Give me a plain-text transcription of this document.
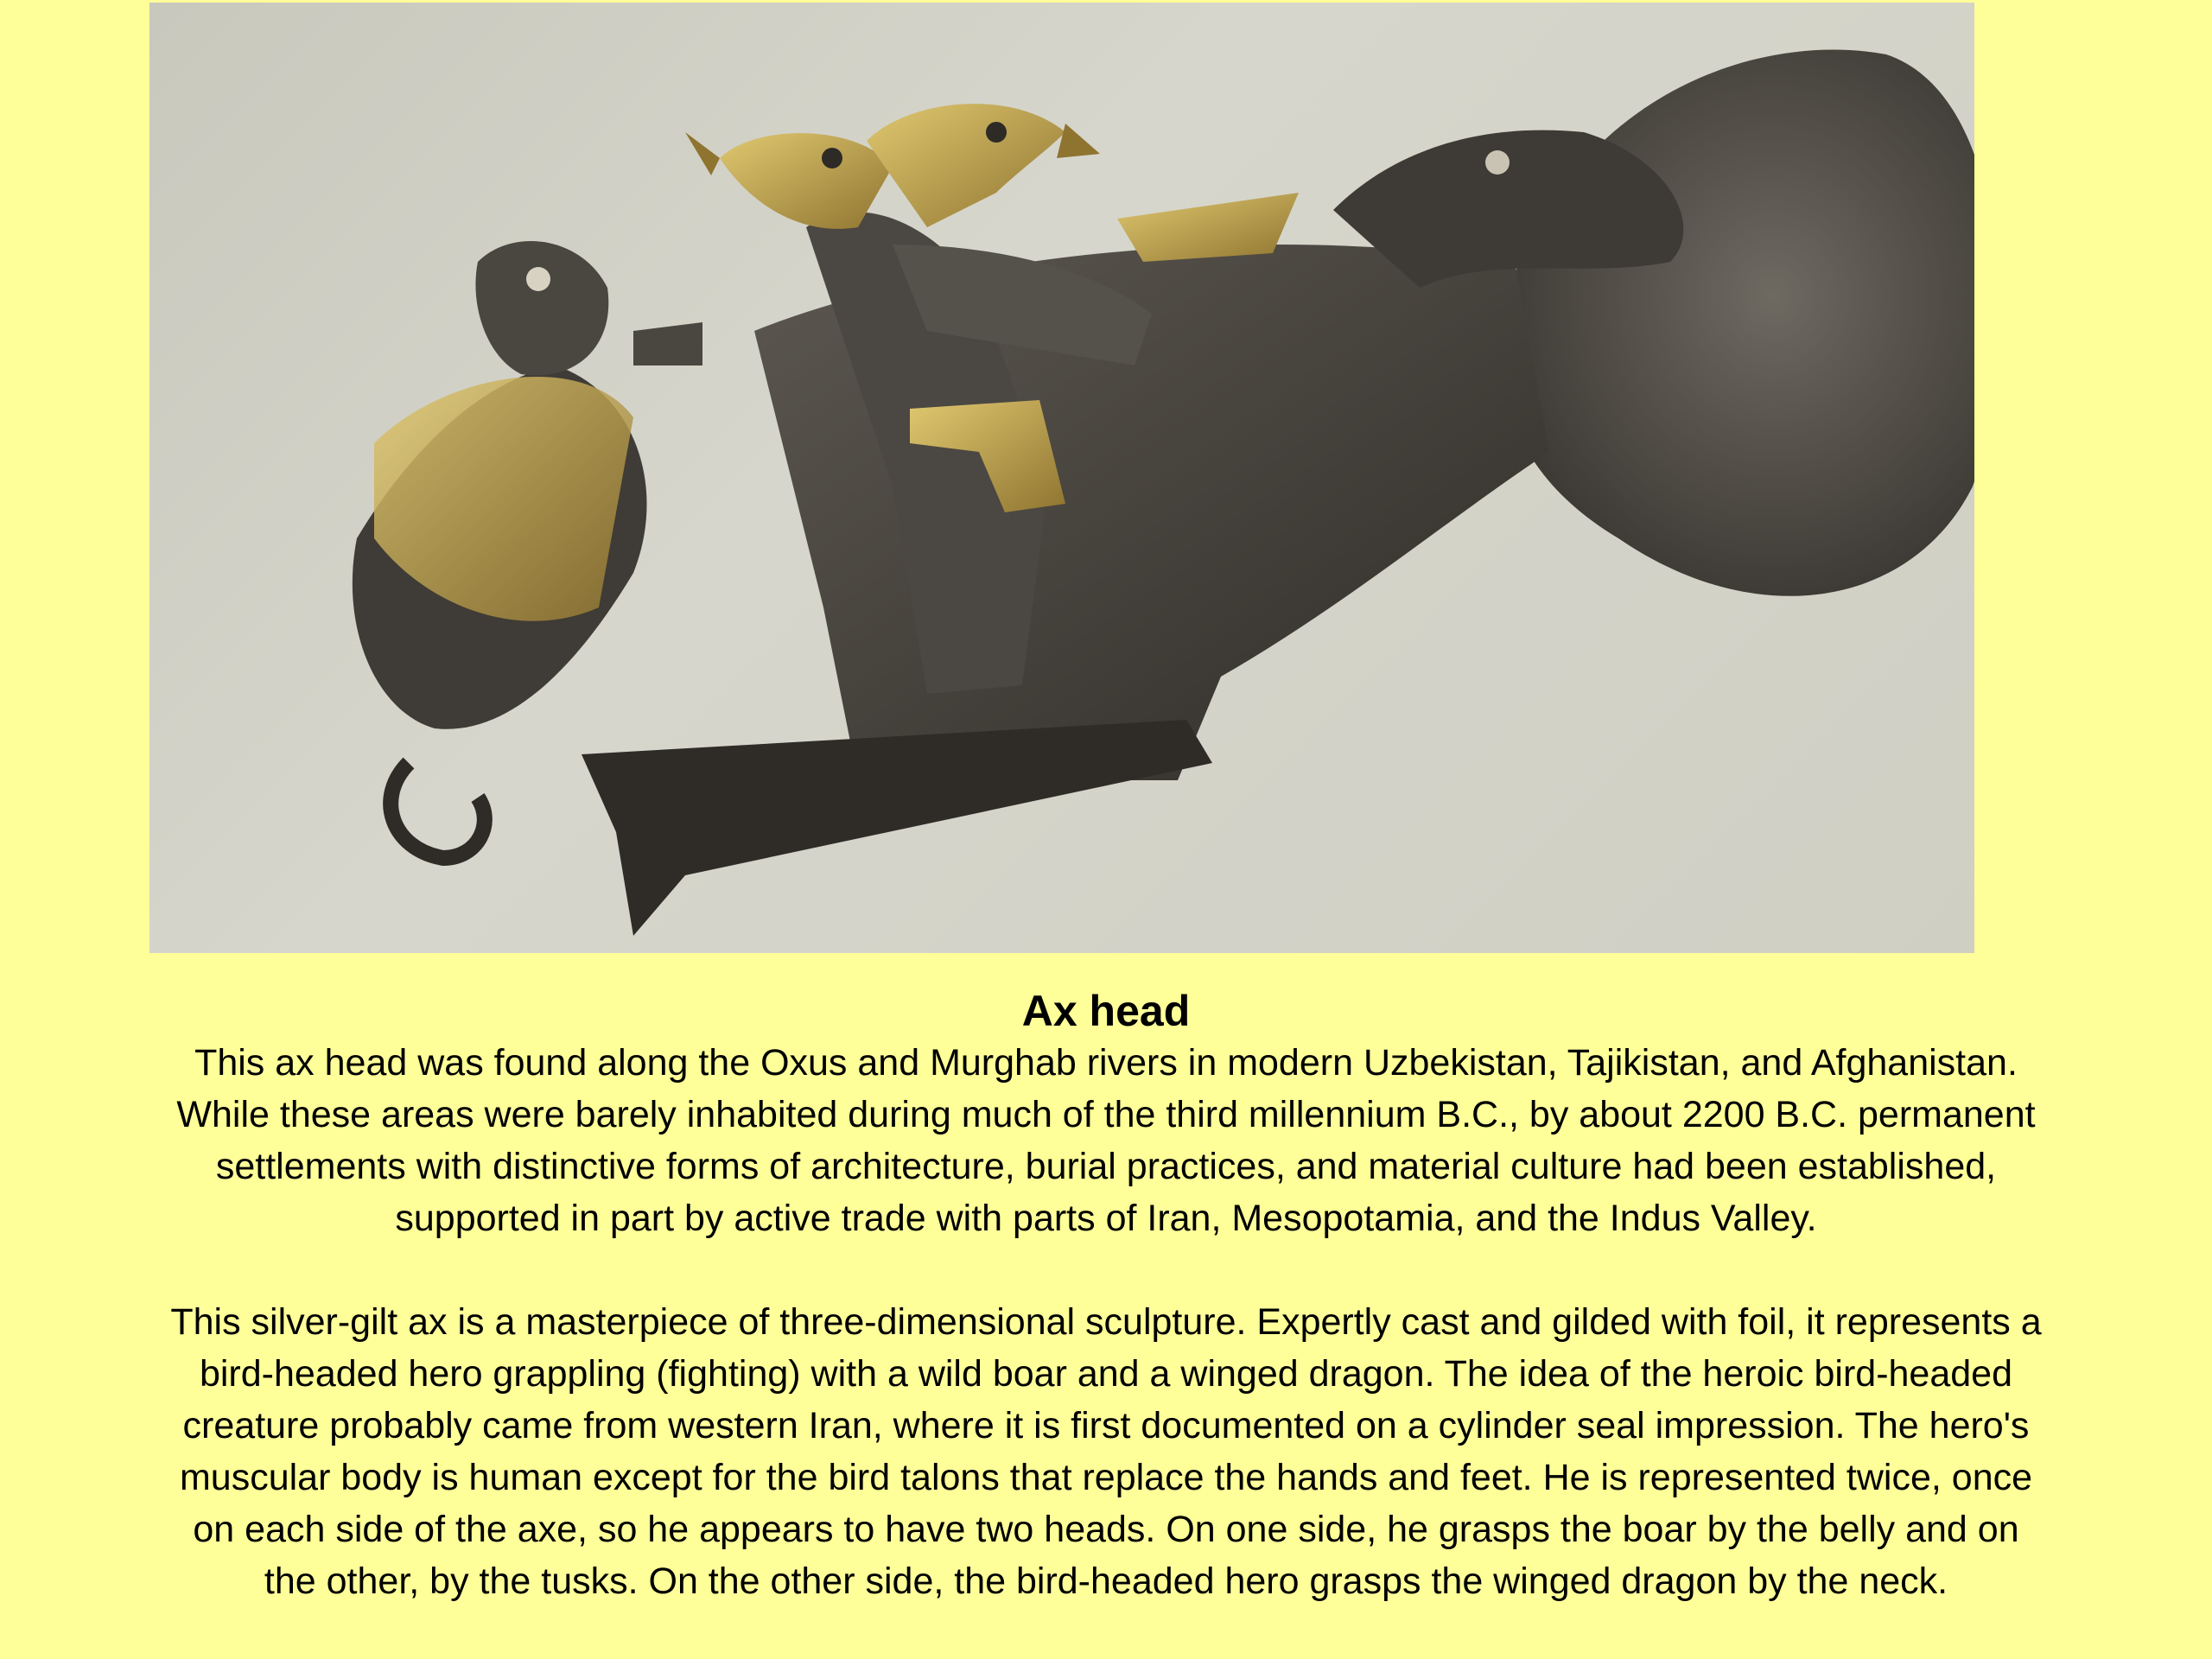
Ax head

This ax head was found along the Oxus and Murghab rivers in modern Uzbekistan, Tajikistan, and Afghanistan.
While these areas were barely inhabited during much of the third millennium B.C., by about 2200 B.C. permanent
settlements with distinctive forms of architecture, burial practices, and material culture had been established,
supported in part by active trade with parts of Iran, Mesopotamia, and the Indus Valley.
This silver-gilt ax is a masterpiece of three-dimensional sculpture. Expertly cast and gilded with foil, it represents a
bird-headed hero grappling (fighting) with a wild boar and a winged dragon. The idea of the heroic bird-headed
creature probably came from western Iran, where it is first documented on a cylinder seal impression. The hero's
muscular body is human except for the bird talons that replace the hands and feet. He is represented twice, once
on each side of the axe, so he appears to have two heads. On one side, he grasps the boar by the belly and on
the other, by the tusks. On the other side, the bird-headed hero grasps the winged dragon by the neck.
